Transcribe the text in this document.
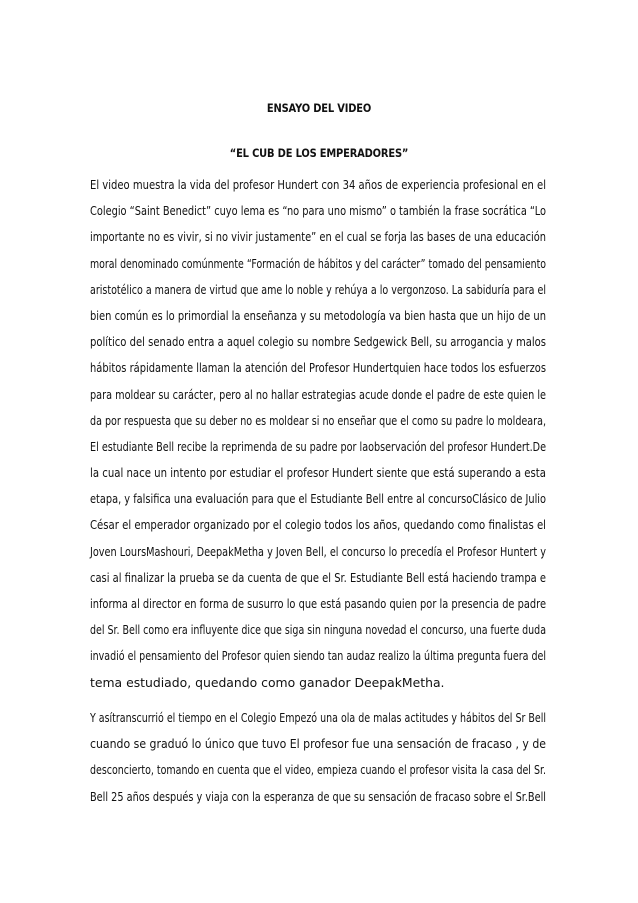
ENSAYO DEL VIDEO
“EL CUB DE LOS EMPERADORES”
El video muestra la vida del profesor Hundert con 34 años de experiencia profesional en el
Colegio “Saint Benedict” cuyo lema es “no para uno mismo” o también la frase socrática “Lo
importante no es vivir, si no vivir justamente” en el cual se forja las bases de una educación
moral denominado comúnmente “Formación de hábitos y del carácter” tomado del pensamiento
aristotélico a manera de virtud que ame lo noble y rehúya a lo vergonzoso. La sabiduría para el
bien común es lo primordial la enseñanza y su metodología va bien hasta que un hijo de un
político del senado entra a aquel colegio su nombre Sedgewick Bell, su arrogancia y malos
hábitos rápidamente llaman la atención del Profesor Hundertquien hace todos los esfuerzos
para moldear su carácter, pero al no hallar estrategias acude donde el padre de este quien le
da por respuesta que su deber no es moldear si no enseñar que el como su padre lo moldeara,
El estudiante Bell recibe la reprimenda de su padre por laobservación del profesor Hundert.De
la cual nace un intento por estudiar el profesor Hundert siente que está superando a esta
etapa, y falsifica una evaluación para que el Estudiante Bell entre al concursoClásico de Julio
César el emperador organizado por el colegio todos los años, quedando como finalistas el
Joven LoursMashouri, DeepakMetha y Joven Bell, el concurso lo precedía el Profesor Huntert y
casi al finalizar la prueba se da cuenta de que el Sr. Estudiante Bell está haciendo trampa e
informa al director en forma de susurro lo que está pasando quien por la presencia de padre
del Sr. Bell como era influyente dice que siga sin ninguna novedad el concurso, una fuerte duda
invadió el pensamiento del Profesor quien siendo tan audaz realizo la última pregunta fuera del
tema estudiado, quedando como ganador DeepakMetha.
Y asítranscurrió el tiempo en el Colegio Empezó una ola de malas actitudes y hábitos del Sr Bell
cuando se graduó lo único que tuvo El profesor fue una sensación de fracaso , y de
desconcierto, tomando en cuenta que el video, empieza cuando el profesor visita la casa del Sr.
Bell 25 años después y viaja con la esperanza de que su sensación de fracaso sobre el Sr.Bell
